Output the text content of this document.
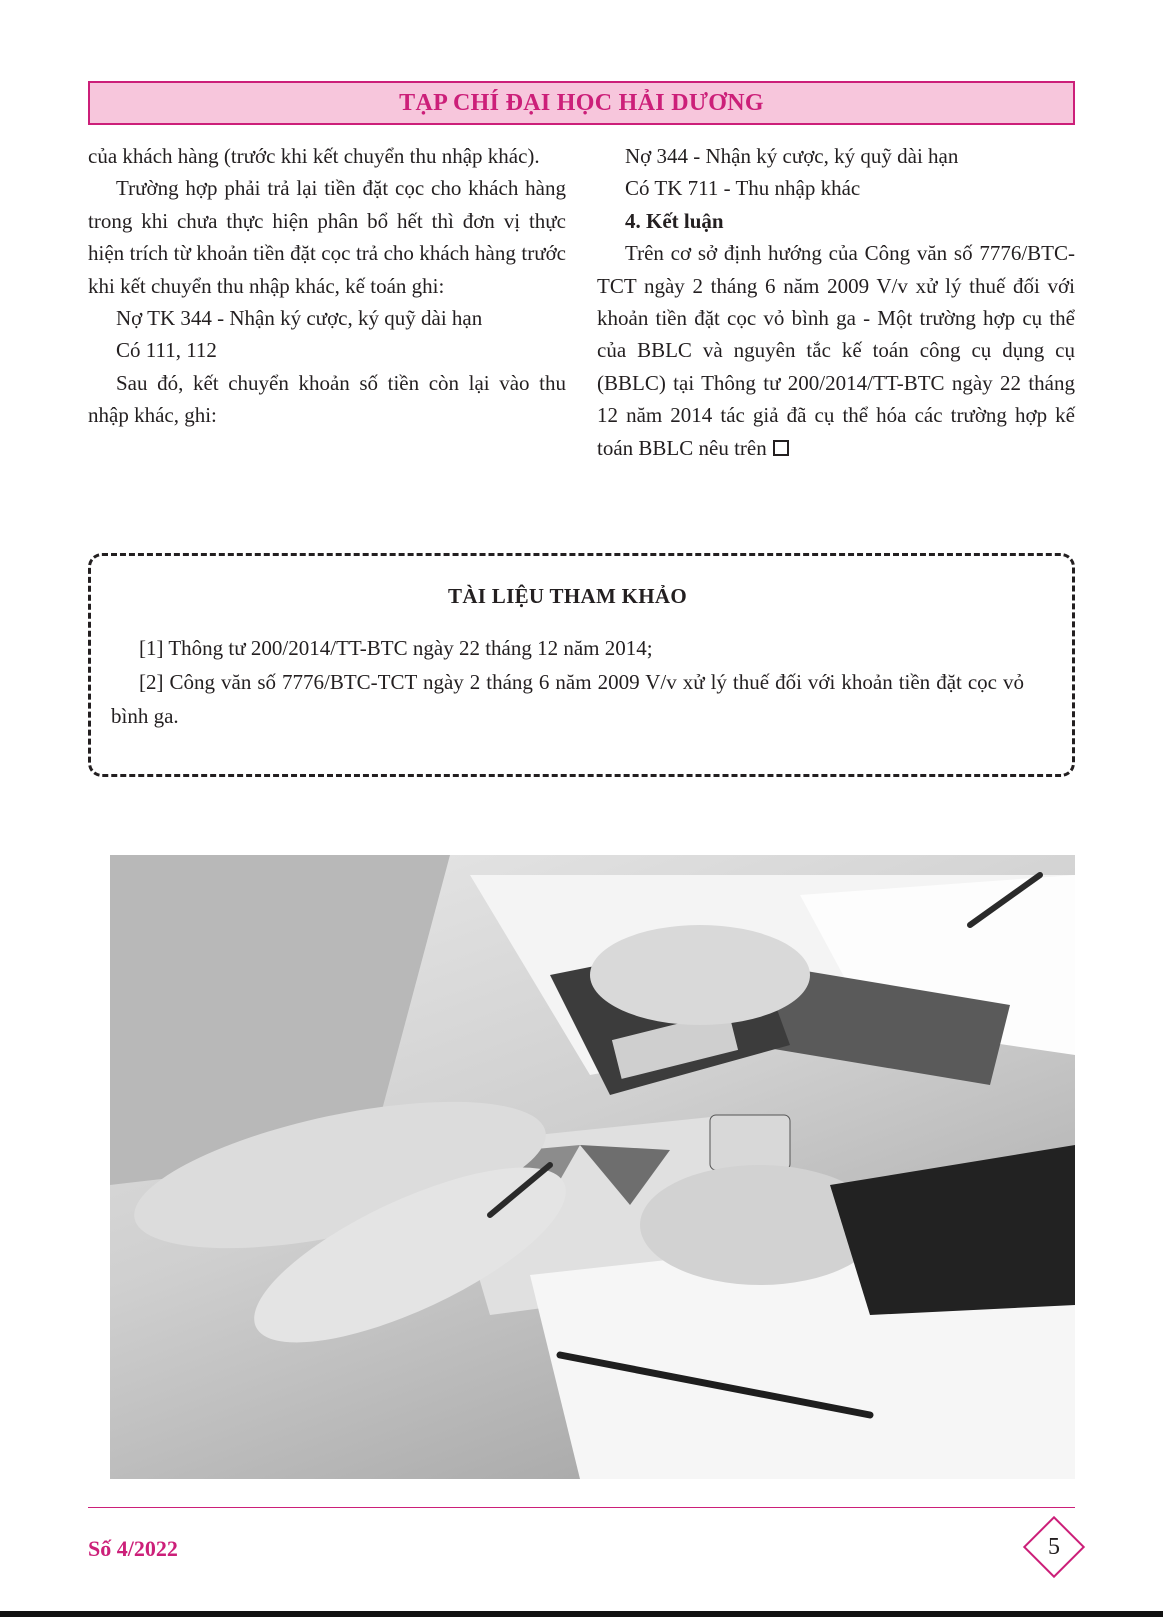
TẠP CHÍ ĐẠI HỌC HẢI DƯƠNG

của khách hàng (trước khi kết chuyển thu nhập khác).

Trường hợp phải trả lại tiền đặt cọc cho khách hàng trong khi chưa thực hiện phân bổ hết thì đơn vị thực hiện trích từ khoản tiền đặt cọc trả cho khách hàng trước khi kết chuyển thu nhập khác, kế toán ghi:

Nợ TK 344 - Nhận ký cược, ký quỹ dài hạn

Có 111, 112

Sau đó, kết chuyển khoản số tiền còn lại vào thu nhập khác, ghi:

Nợ 344 - Nhận ký cược, ký quỹ dài hạn

Có TK 711 - Thu nhập khác

4. Kết luận

Trên cơ sở định hướng của Công văn số 7776/BTC-TCT ngày 2 tháng 6 năm 2009 V/v xử lý thuế đối với khoản tiền đặt cọc vỏ bình ga - Một trường hợp cụ thể của BBLC và nguyên tắc kế toán công cụ dụng cụ (BBLC) tại Thông tư 200/2014/TT-BTC ngày 22 tháng 12 năm 2014 tác giả đã cụ thể hóa các trường hợp kế toán BBLC nêu trên

TÀI LIỆU THAM KHẢO

[1] Thông tư 200/2014/TT-BTC ngày 22 tháng 12 năm 2014;

[2] Công văn số 7776/BTC-TCT ngày 2 tháng 6 năm 2009 V/v xử lý thuế đối với khoản tiền đặt cọc vỏ bình ga.

Số 4/2022	5
